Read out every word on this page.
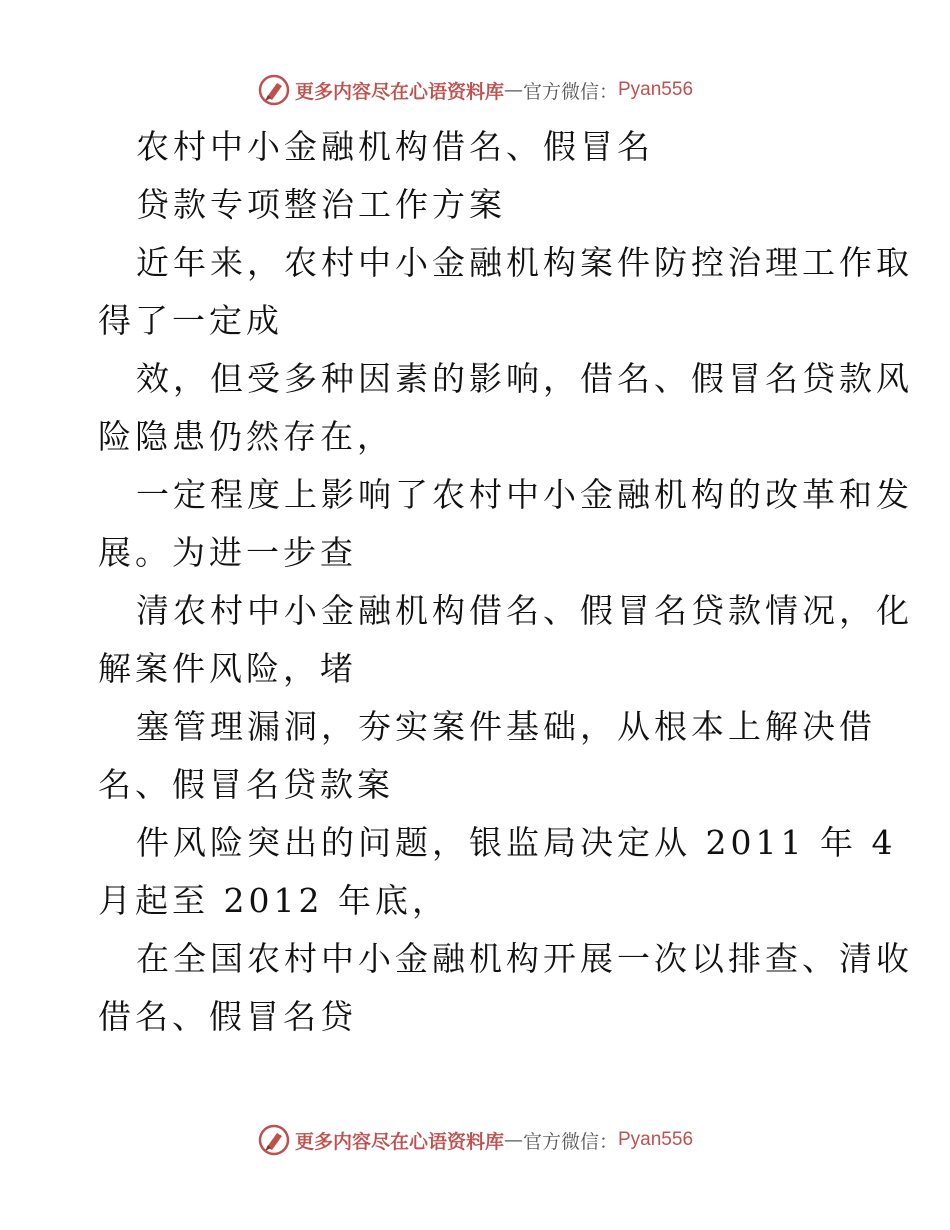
更多内容尽在心语资料库 — 官方微信： Pyan556
农村中小金融机构借名、假冒名
贷款专项整治工作方案
近年来，农村中小金融机构案件防控治理工作取
得了一定成
效，但受多种因素的影响，借名、假冒名贷款风
险隐患仍然存在，
一定程度上影响了农村中小金融机构的改革和发
展。为进一步查
清农村中小金融机构借名、假冒名贷款情况，化
解案件风险，堵
塞管理漏洞，夯实案件基础，从根本上解决借
名、假冒名贷款案
件风险突出的问题，银监局决定从 2011 年 4
月起至 2012 年底，
在全国农村中小金融机构开展一次以排查、清收
借名、假冒名贷
更多内容尽在心语资料库 — 官方微信： Pyan556
